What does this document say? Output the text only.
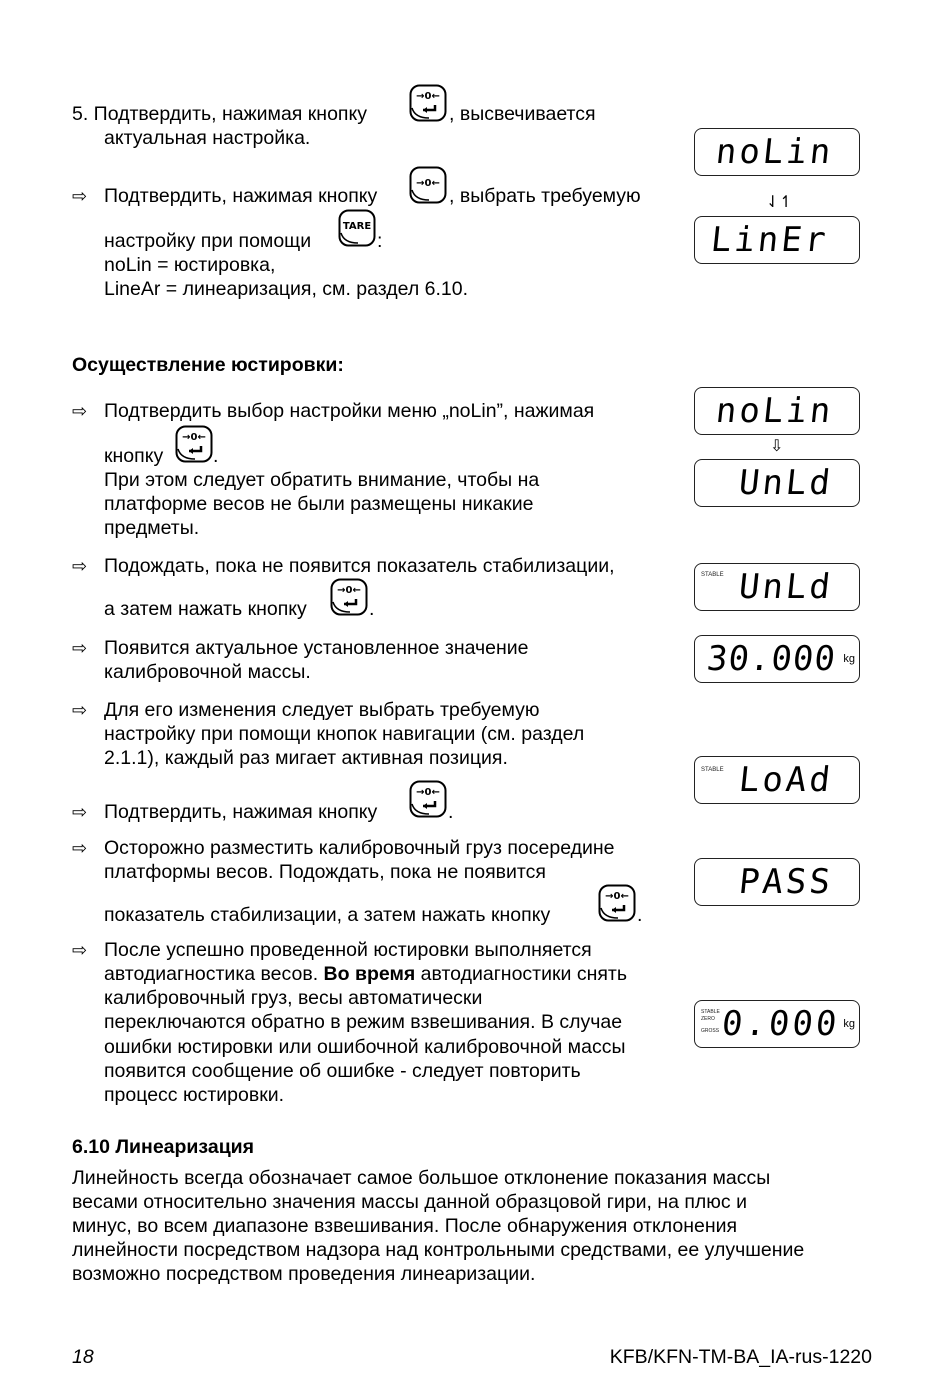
5. Подтвердить, нажимая кнопку
→0←
, высвечивается
актуальная настройка.
⇨ Подтвердить, нажимая кнопку
→0←
, выбрать требуемую
настройку при помощи
TARE
:
noLin = юстировка,
LineAr = линеаризация, см. раздел 6.10.
Осуществление юстировки:
⇨ Подтвердить выбор настройки меню „noLin”, нажимая
кнопку
→0←
.
При этом следует обратить внимание, чтобы на
платформе весов не были размещены никакие
предметы.
⇨ Подождать, пока не появится показатель стабилизации,
а затем нажать кнопку
→0←
.
⇨ Появится актуальное установленное значение
калибровочной массы.
⇨ Для его изменения следует выбрать требуемую
настройку при помощи кнопок навигации (см. раздел
2.1.1), каждый раз мигает активная позиция.
⇨ Подтвердить, нажимая кнопку
→0←
.
⇨ Осторожно разместить калибровочный груз посередине
платформы весов. Подождать, пока не появится
показатель стабилизации, а затем нажать кнопку
→0←
.
⇨ После успешно проведенной юстировки выполняется
автодиагностика весов. Во время автодиагностики снять
калибровочный груз, весы автоматически
переключаются обратно в режим взвешивания. В случае
ошибки юстировки или ошибочной калибровочной массы
появится сообщение об ошибке - следует повторить
процесс юстировки.
6.10 Линеаризация
Линейность всегда обозначает самое большое отклонение показания массы
весами относительно значения массы данной образцовой гири, на плюс и
минус, во всем диапазоне взвешивания. После обнаружения отклонения
линейности посредством надзора над контрольными средствами, ее улучшение
возможно посредством проведения линеаризации.
noLin
⇃↿
LinEr
noLin
⇩
UnLd
STABLE UnLd
30.000 kg
STABLE LoAd
PASS
STABLE
ZERO
GROSS 0.000 kg
18	KFB/KFN-TM-BA_IA-rus-1220
